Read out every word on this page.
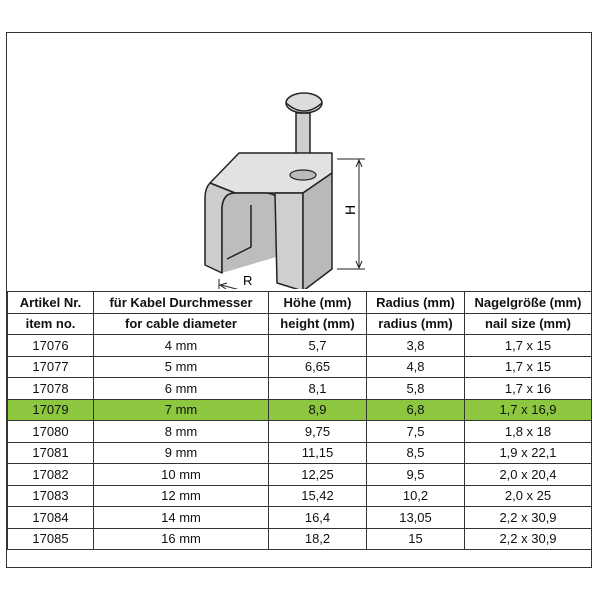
H
R
Artikel Nr.	für Kabel Durchmesser	Höhe (mm)	Radius (mm)	Nagelgröße (mm)
item no.	for cable diameter	height (mm)	radius (mm)	nail size (mm)
17076	4 mm	5,7	3,8	1,7 x 15
17077	5 mm	6,65	4,8	1,7 x 15
17078	6 mm	8,1	5,8	1,7 x 16
17079	7 mm	8,9	6,8	1,7 x 16,9
17080	8 mm	9,75	7,5	1,8 x 18
17081	9 mm	11,15	8,5	1,9 x 22,1
17082	10 mm	12,25	9,5	2,0 x 20,4
17083	12 mm	15,42	10,2	2,0 x 25
17084	14 mm	16,4	13,05	2,2 x 30,9
17085	16 mm	18,2	15	2,2 x 30,9
